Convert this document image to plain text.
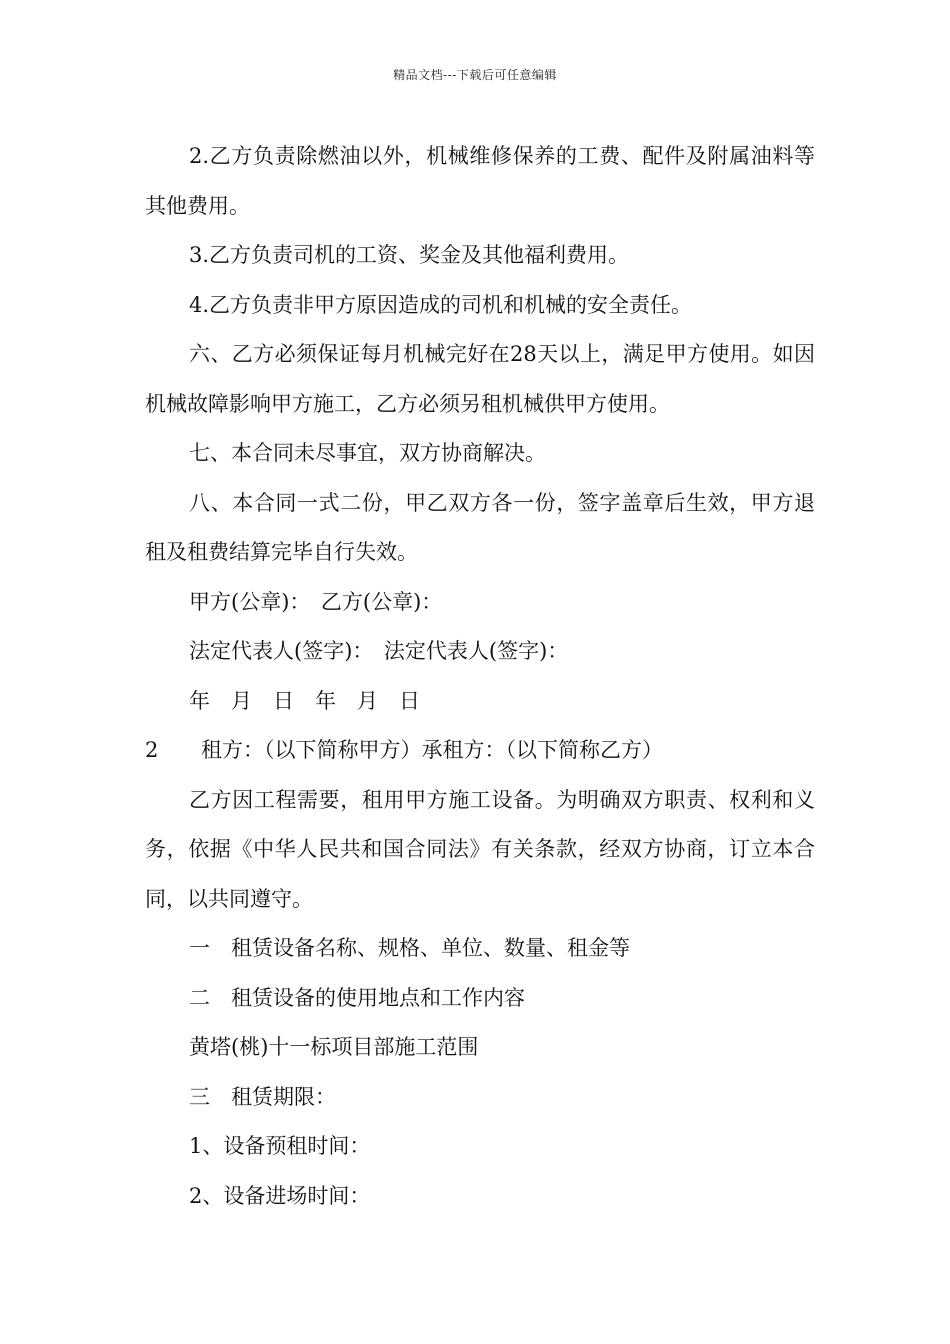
精品文档---下载后可任意编辑

2.乙方负责除燃油以外，机械维修保养的工费、配件及附属油料等其他费用。

3.乙方负责司机的工资、奖金及其他福利费用。

4.乙方负责非甲方原因造成的司机和机械的安全责任。

六、乙方必须保证每月机械完好在28天以上，满足甲方使用。如因机械故障影响甲方施工，乙方必须另租机械供甲方使用。

七、本合同未尽事宜，双方协商解决。

八、本合同一式二份，甲乙双方各一份，签字盖章后生效，甲方退租及租费结算完毕自行失效。

甲方(公章)：　乙方(公章)：

法定代表人(签字)：　法定代表人(签字)：

年　月　日　年　月　日

2	租方：（以下简称甲方）承租方：（以下简称乙方）

乙方因工程需要，租用甲方施工设备。为明确双方职责、权利和义务，依据《中华人民共和国合同法》有关条款，经双方协商，订立本合同，以共同遵守。

一　租赁设备名称、规格、单位、数量、租金等

二　租赁设备的使用地点和工作内容

黄塔(桃)十一标项目部施工范围

三　租赁期限：

1、设备预租时间：

2、设备进场时间：
